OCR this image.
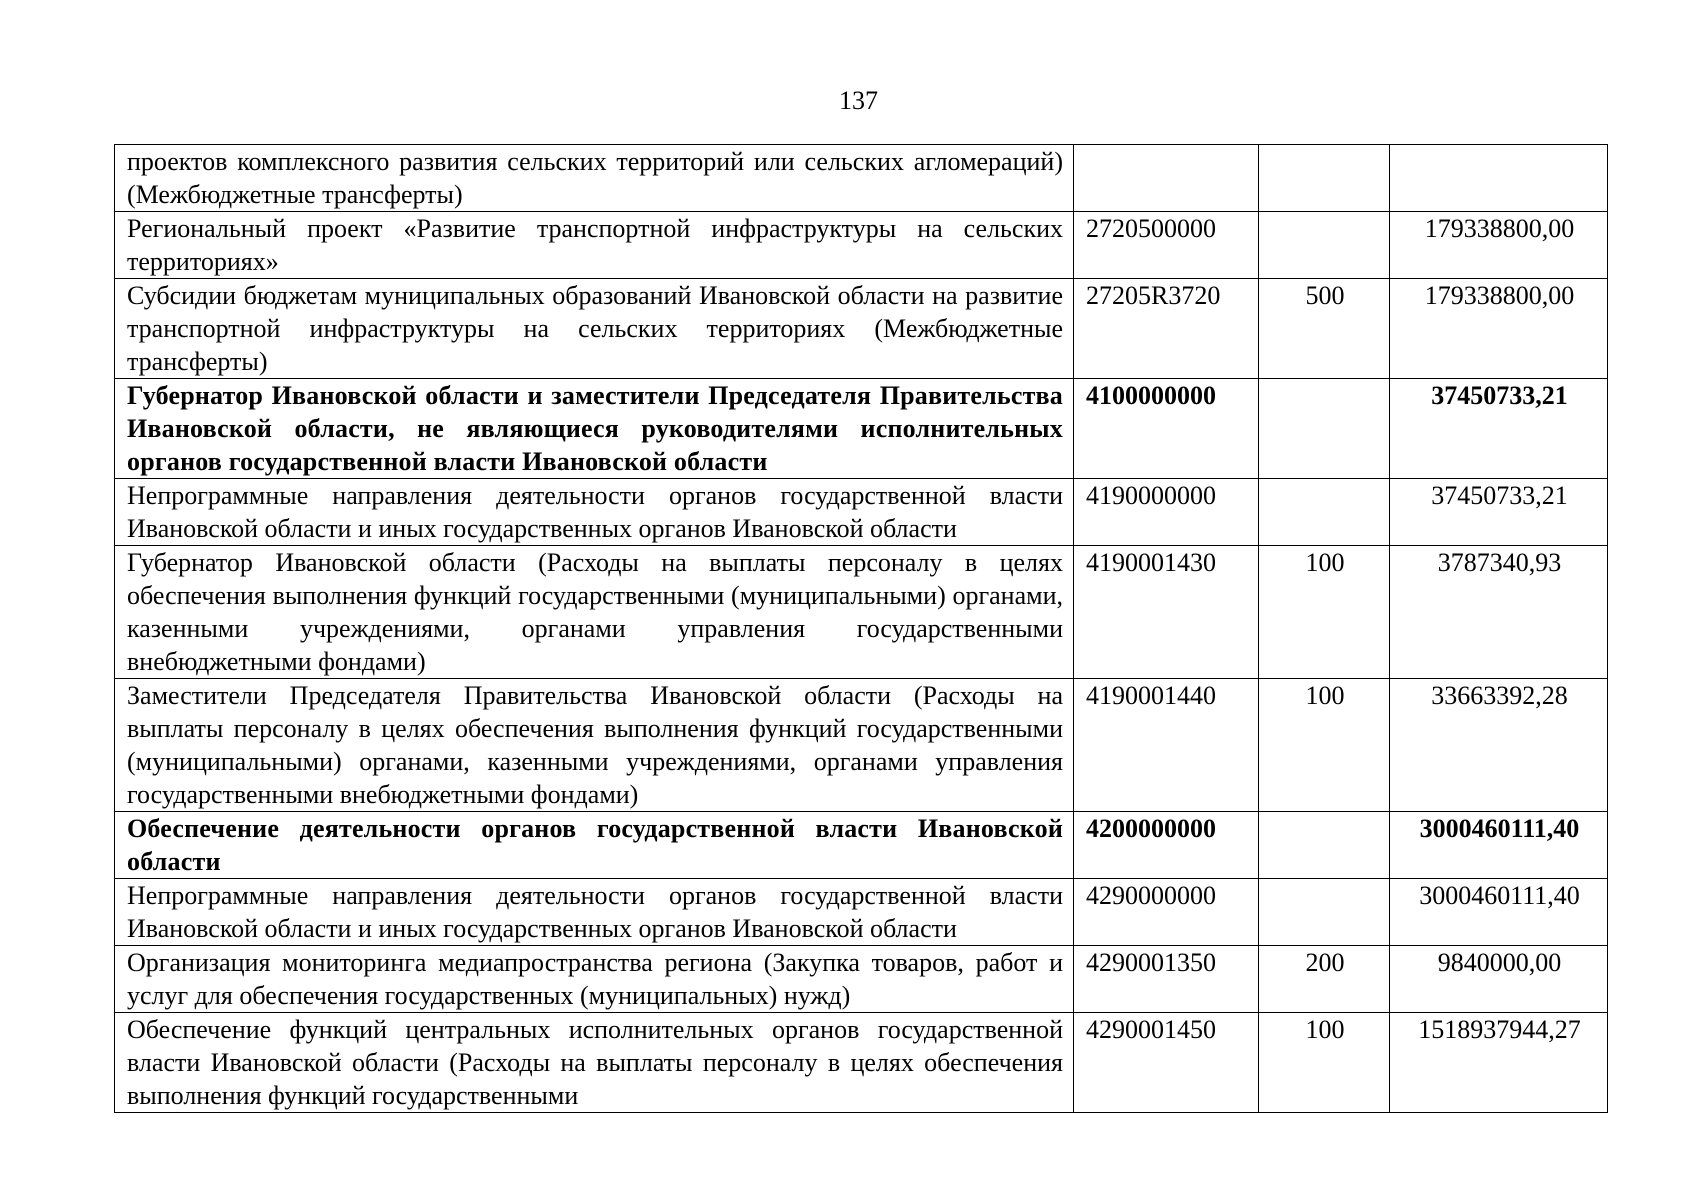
137
проектов комплексного развития сельских территорий или сельских агломераций) (Межбюджетные трансферты)			
Региональный проект «Развитие транспортной инфраструктуры на сельских территориях»	2720500000		179338800,00
Субсидии бюджетам муниципальных образований Ивановской области на развитие транспортной инфраструктуры на сельских территориях (Межбюджетные трансферты)	27205R3720	500	179338800,00
Губернатор Ивановской области и заместители Председателя Правительства Ивановской области, не являющиеся руководителями исполнительных органов государственной власти Ивановской области	4100000000		37450733,21
Непрограммные направления деятельности органов государственной власти Ивановской области и иных государственных органов Ивановской области	4190000000		37450733,21
Губернатор Ивановской области (Расходы на выплаты персоналу в целях обеспечения выполнения функций государственными (муниципальными) органами, казенными учреждениями, органами управления государственными внебюджетными фондами)	4190001430	100	3787340,93
Заместители Председателя Правительства Ивановской области (Расходы на выплаты персоналу в целях обеспечения выполнения функций государственными (муниципальными) органами, казенными учреждениями, органами управления государственными внебюджетными фондами)	4190001440	100	33663392,28
Обеспечение деятельности органов государственной власти Ивановской области	4200000000		3000460111,40
Непрограммные направления деятельности органов государственной власти Ивановской области и иных государственных органов Ивановской области	4290000000		3000460111,40
Организация мониторинга медиапространства региона (Закупка товаров, работ и услуг для обеспечения государственных (муниципальных) нужд)	4290001350	200	9840000,00
Обеспечение функций центральных исполнительных органов государственной власти Ивановской области (Расходы на выплаты персоналу в целях обеспечения выполнения функций государственными	4290001450	100	1518937944,27
